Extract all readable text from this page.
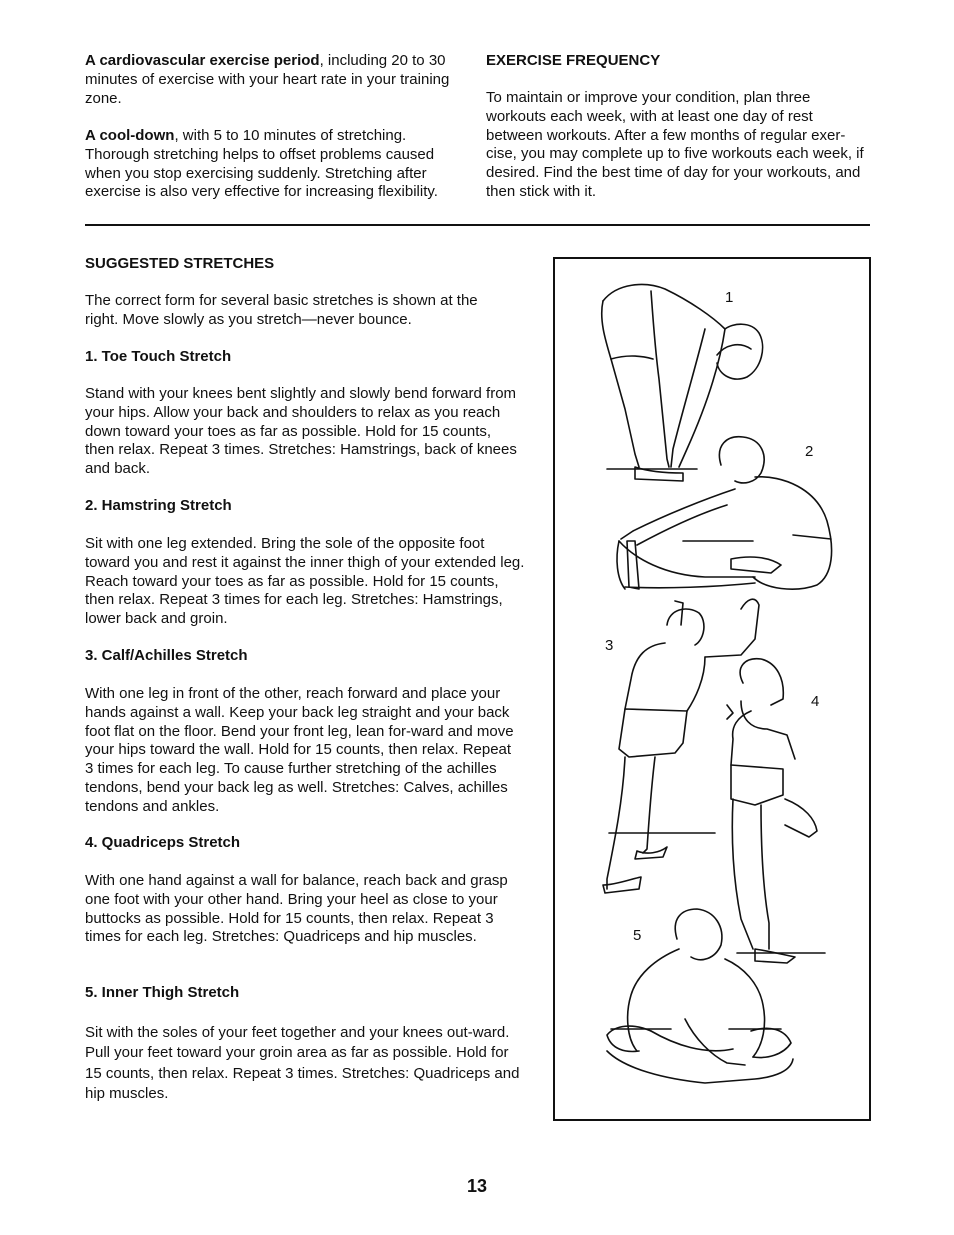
A cardiovascular exercise period, including 20 to 30 minutes of exercise with your heart rate in your training zone.

A cool-down, with 5 to 10 minutes of stretching. Thorough stretching helps to offset problems caused when you stop exercising suddenly. Stretching after exercise is also very effective for increasing flexibility.

EXERCISE FREQUENCY

To maintain or improve your condition, plan three workouts each week, with at least one day of rest between workouts. After a few months of regular exer-cise, you may complete up to five workouts each week, if desired. Find the best time of day for your workouts, and then stick with it.

SUGGESTED STRETCHES

The correct form for several basic stretches is shown at the right. Move slowly as you stretch—never bounce.

1. Toe Touch Stretch

Stand with your knees bent slightly and slowly bend forward from your hips. Allow your back and shoulders to relax as you reach down toward your toes as far as possible. Hold for 15 counts, then relax. Repeat 3 times. Stretches: Hamstrings, back of knees and back.

2. Hamstring Stretch

Sit with one leg extended. Bring the sole of the opposite foot toward you and rest it against the inner thigh of your extended leg. Reach toward your toes as far as possible. Hold for 15 counts, then relax. Repeat 3 times for each leg. Stretches: Hamstrings, lower back and groin.

3. Calf/Achilles Stretch

With one leg in front of the other, reach forward and place your hands against a wall. Keep your back leg straight and your back foot flat on the floor. Bend your front leg, lean for-ward and move your hips toward the wall. Hold for 15 counts, then relax. Repeat 3 times for each leg. To cause further stretching of the achilles tendons, bend your back leg as well. Stretches: Calves, achilles tendons and ankles.

4. Quadriceps Stretch

With one hand against a wall for balance, reach back and grasp one foot with your other hand. Bring your heel as close to your buttocks as possible. Hold for 15 counts, then relax. Repeat 3 times for each leg. Stretches: Quadriceps and hip muscles.

5. Inner Thigh Stretch

Sit with the soles of your feet together and your knees out-ward. Pull your feet toward your groin area as far as possible. Hold for 15 counts, then relax. Repeat 3 times. Stretches: Quadriceps and hip muscles.

1
2
3
4
5
13
